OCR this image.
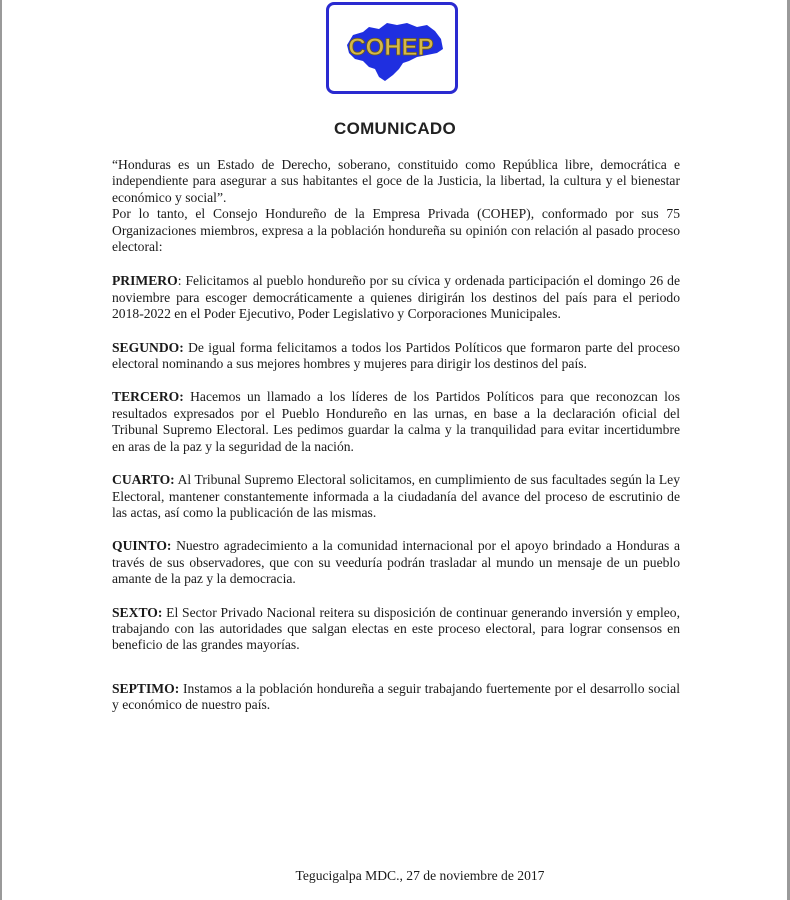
COHEP
COMUNICADO

“Honduras es un Estado de Derecho, soberano, constituido como República libre, democrática e independiente para asegurar a sus habitantes el goce de la Justicia, la libertad, la cultura y el bienestar económico y social”.

Por lo tanto, el Consejo Hondureño de la Empresa Privada (COHEP), conformado por sus 75 Organizaciones miembros, expresa a la población hondureña su opinión con relación al pasado proceso electoral:

PRIMERO: Felicitamos al pueblo hondureño por su cívica y ordenada participación el domingo 26 de noviembre para escoger democráticamente a quienes dirigirán los destinos del país para el periodo 2018-2022 en el Poder Ejecutivo, Poder Legislativo y Corporaciones Municipales.

SEGUNDO: De igual forma felicitamos a todos los Partidos Políticos que formaron parte del proceso electoral nominando a sus mejores hombres y mujeres para dirigir los destinos del país.

TERCERO: Hacemos un llamado a los líderes de los Partidos Políticos para que reconozcan los resultados expresados por el Pueblo Hondureño en las urnas, en base a la declaración oficial del Tribunal Supremo Electoral. Les pedimos guardar la calma y la tranquilidad para evitar incertidumbre en aras de la paz y la seguridad de la nación.

CUARTO: Al Tribunal Supremo Electoral solicitamos, en cumplimiento de sus facultades según la Ley Electoral, mantener constantemente informada a la ciudadanía del avance del proceso de escrutinio de las actas, así como la publicación de las mismas.

QUINTO: Nuestro agradecimiento a la comunidad internacional por el apoyo brindado a Honduras a través de sus observadores, que con su veeduría podrán trasladar al mundo un mensaje de un pueblo amante de la paz y la democracia.

SEXTO: El Sector Privado Nacional reitera su disposición de continuar generando inversión y empleo, trabajando con las autoridades que salgan electas en este proceso electoral, para lograr consensos en beneficio de las grandes mayorías.

SEPTIMO: Instamos a la población hondureña a seguir trabajando fuertemente por el desarrollo social y económico de nuestro país.

Tegucigalpa MDC., 27 de noviembre de 2017
